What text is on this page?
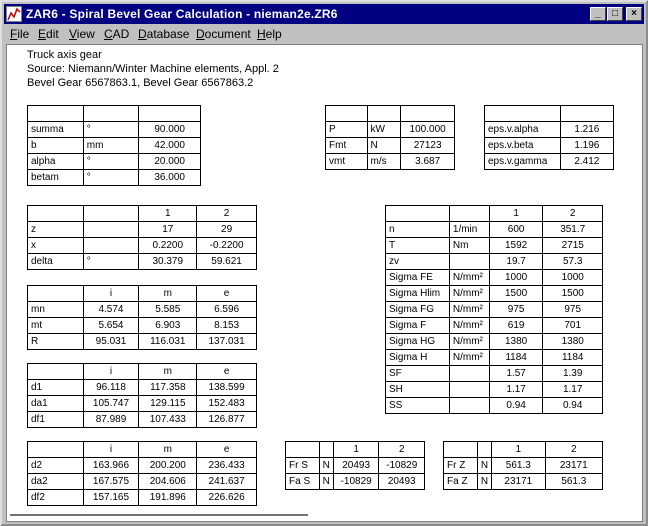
ZAR6 - Spiral Bevel Gear Calculation - nieman2e.ZR6	_	□	×
File Edit View CAD Database Document Help
Truck axis gear
Source: Niemann/Winter Machine elements, Appl. 2
Bevel Gear 6567863.1, Bevel Gear 6567863.2

summa	°	90.000
b	mm	42.000
alpha	°	20.000
betam	°	36.000

P	kW	100.000
Fmt	N	27123
vmt	m/s	3.687

eps.v.alpha	1.216
eps.v.beta	1.196
eps.v.gamma	2.412
		1	2
z		17	29
x		0.2200	-0.2200
delta	°	30.379	59.621
	i	m	e
mn	4.574	5.585	6.596
mt	5.654	6.903	8.153
R	95.031	116.031	137.031
	i	m	e
d1	96.118	117.358	138.599
da1	105.747	129.115	152.483
df1	87.989	107.433	126.877
	i	m	e
d2	163.966	200.200	236.433
da2	167.575	204.606	241.637
df2	157.165	191.896	226.626
		1	2
n	1/min	600	351.7
T	Nm	1592	2715
zv		19.7	57.3
Sigma FE	N/mm²	1000	1000
Sigma Hlim	N/mm²	1500	1500
Sigma FG	N/mm²	975	975
Sigma F	N/mm²	619	701
Sigma HG	N/mm²	1380	1380
Sigma H	N/mm²	1184	1184
SF		1.57	1.39
SH		1.17	1.17
SS		0.94	0.94
		1	2
Fr S	N	20493	-10829
Fa S	N	-10829	20493
		1	2
Fr Z	N	561.3	23171
Fa Z	N	23171	561.3
